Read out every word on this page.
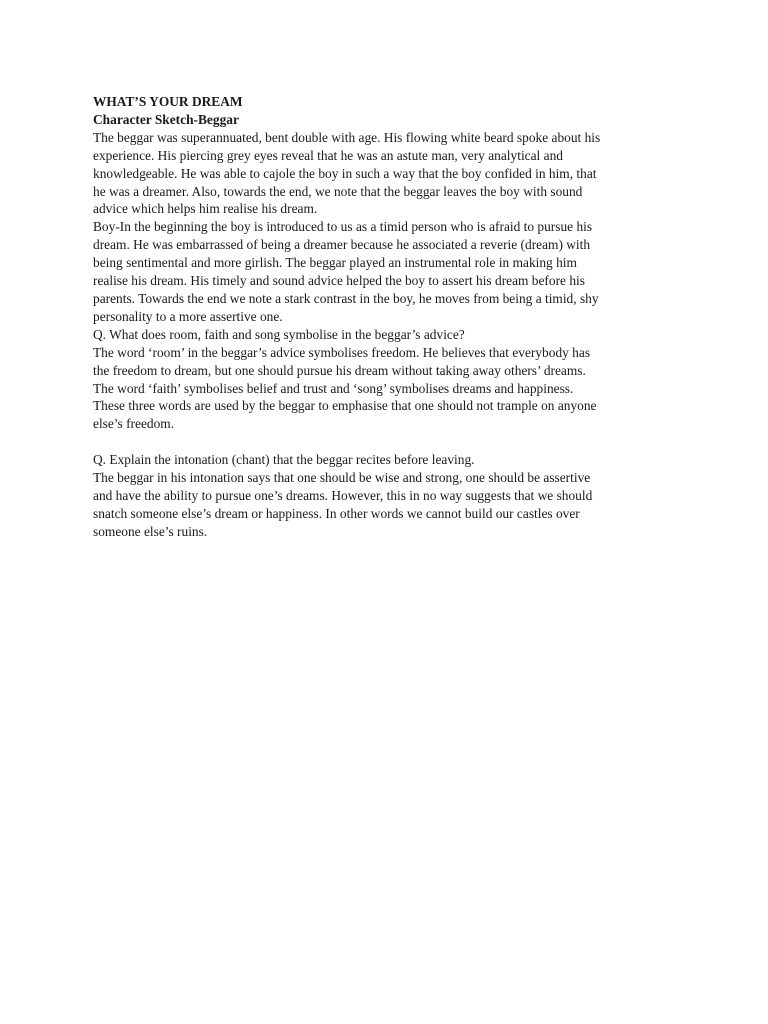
WHAT’S YOUR DREAM

Character Sketch-Beggar

The beggar was superannuated, bent double with age. His flowing white beard spoke about his

experience. His piercing grey eyes reveal that he was an astute man, very analytical and

knowledgeable. He was able to cajole the boy in such a way that the boy confided in him, that

he was a dreamer. Also, towards the end, we note that the beggar leaves the boy with sound

advice which helps him realise his dream.

Boy-In the beginning the boy is introduced to us as a timid person who is afraid to pursue his

dream. He was embarrassed of being a dreamer because he associated a reverie (dream) with

being sentimental and more girlish. The beggar played an instrumental role in making him

realise his dream. His timely and sound advice helped the boy to assert his dream before his

parents. Towards the end we note a stark contrast in the boy, he moves from being a timid, shy

personality to a more assertive one.

Q. What does room, faith and song symbolise in the beggar’s advice?

The word ‘room’ in the beggar’s advice symbolises freedom. He believes that everybody has

the freedom to dream, but one should pursue his dream without taking away others’ dreams.

The word ‘faith’ symbolises belief and trust and ‘song’ symbolises dreams and happiness.

These three words are used by the beggar to emphasise that one should not trample on anyone

else’s freedom.

Q. Explain the intonation (chant) that the beggar recites before leaving.

The beggar in his intonation says that one should be wise and strong, one should be assertive

and have the ability to pursue one’s dreams. However, this in no way suggests that we should

snatch someone else’s dream or happiness. In other words we cannot build our castles over

someone else’s ruins.
